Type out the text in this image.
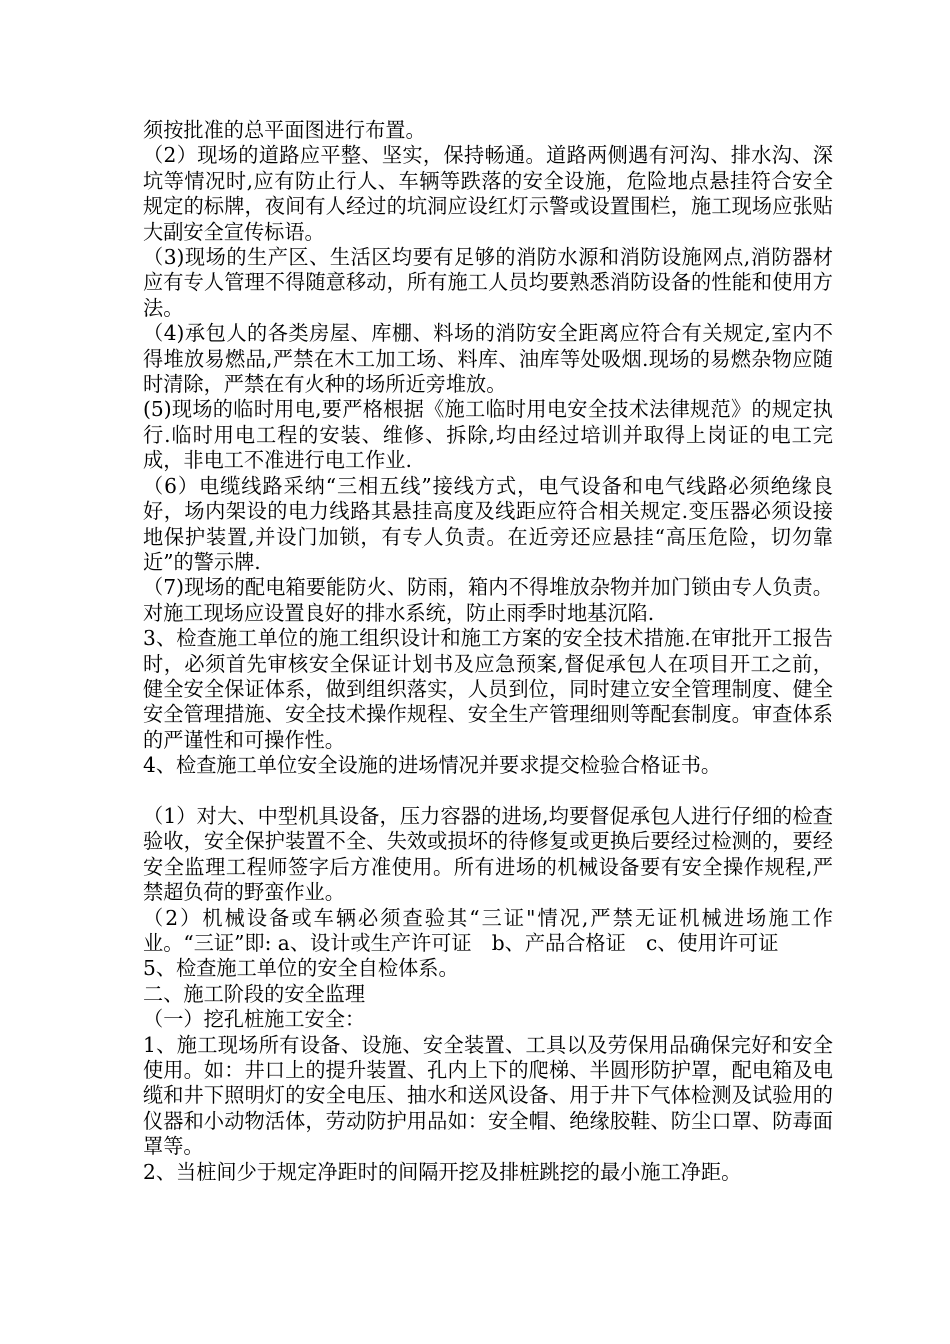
须按批准的总平面图进行布置。

（2）现场的道路应平整、坚实，保持畅通。道路两侧遇有河沟、排水沟、深坑等情况时,应有防止行人、车辆等跌落的安全设施，危险地点悬挂符合安全规定的标牌，夜间有人经过的坑洞应设红灯示警或设置围栏，施工现场应张贴大副安全宣传标语。

（3)现场的生产区、生活区均要有足够的消防水源和消防设施网点,消防器材应有专人管理不得随意移动，所有施工人员均要熟悉消防设备的性能和使用方法。

（4)承包人的各类房屋、库棚、料场的消防安全距离应符合有关规定,室内不得堆放易燃品,严禁在木工加工场、料库、油库等处吸烟.现场的易燃杂物应随时清除，严禁在有火种的场所近旁堆放。

(5)现场的临时用电,要严格根据《施工临时用电安全技术法律规范》的规定执行.临时用电工程的安装、维修、拆除,均由经过培训并取得上岗证的电工完成，非电工不准进行电工作业.

（6）电缆线路采纳“三相五线”接线方式，电气设备和电气线路必须绝缘良好，场内架设的电力线路其悬挂高度及线距应符合相关规定.变压器必须设接地保护装置,并设门加锁，有专人负责。在近旁还应悬挂“高压危险，切勿靠近”的警示牌.

（7)现场的配电箱要能防火、防雨，箱内不得堆放杂物并加门锁由专人负责。对施工现场应设置良好的排水系统，防止雨季时地基沉陷.

3、检查施工单位的施工组织设计和施工方案的安全技术措施.在审批开工报告时，必须首先审核安全保证计划书及应急预案,督促承包人在项目开工之前，健全安全保证体系，做到组织落实，人员到位，同时建立安全管理制度、健全安全管理措施、安全技术操作规程、安全生产管理细则等配套制度。审查体系的严谨性和可操作性。

4、检查施工单位安全设施的进场情况并要求提交检验合格证书。

（1）对大、中型机具设备，压力容器的进场,均要督促承包人进行仔细的检查验收，安全保护装置不全、失效或损坏的待修复或更换后要经过检测的，要经安全监理工程师签字后方准使用。所有进场的机械设备要有安全操作规程,严禁超负荷的野蛮作业。

（2）机械设备或车辆必须查验其“三证"情况,严禁无证机械进场施工作业。“三证”即: a、设计或生产许可证　b、产品合格证　c、使用许可证

5、检查施工单位的安全自检体系。

二、施工阶段的安全监理

（一）挖孔桩施工安全：

1、施工现场所有设备、设施、安全装置、工具以及劳保用品确保完好和安全使用。如：井口上的提升装置、孔内上下的爬梯、半圆形防护罩，配电箱及电缆和井下照明灯的安全电压、抽水和送风设备、用于井下气体检测及试验用的仪器和小动物活体，劳动防护用品如：安全帽、绝缘胶鞋、防尘口罩、防毒面罩等。

2、当桩间少于规定净距时的间隔开挖及排桩跳挖的最小施工净距。
